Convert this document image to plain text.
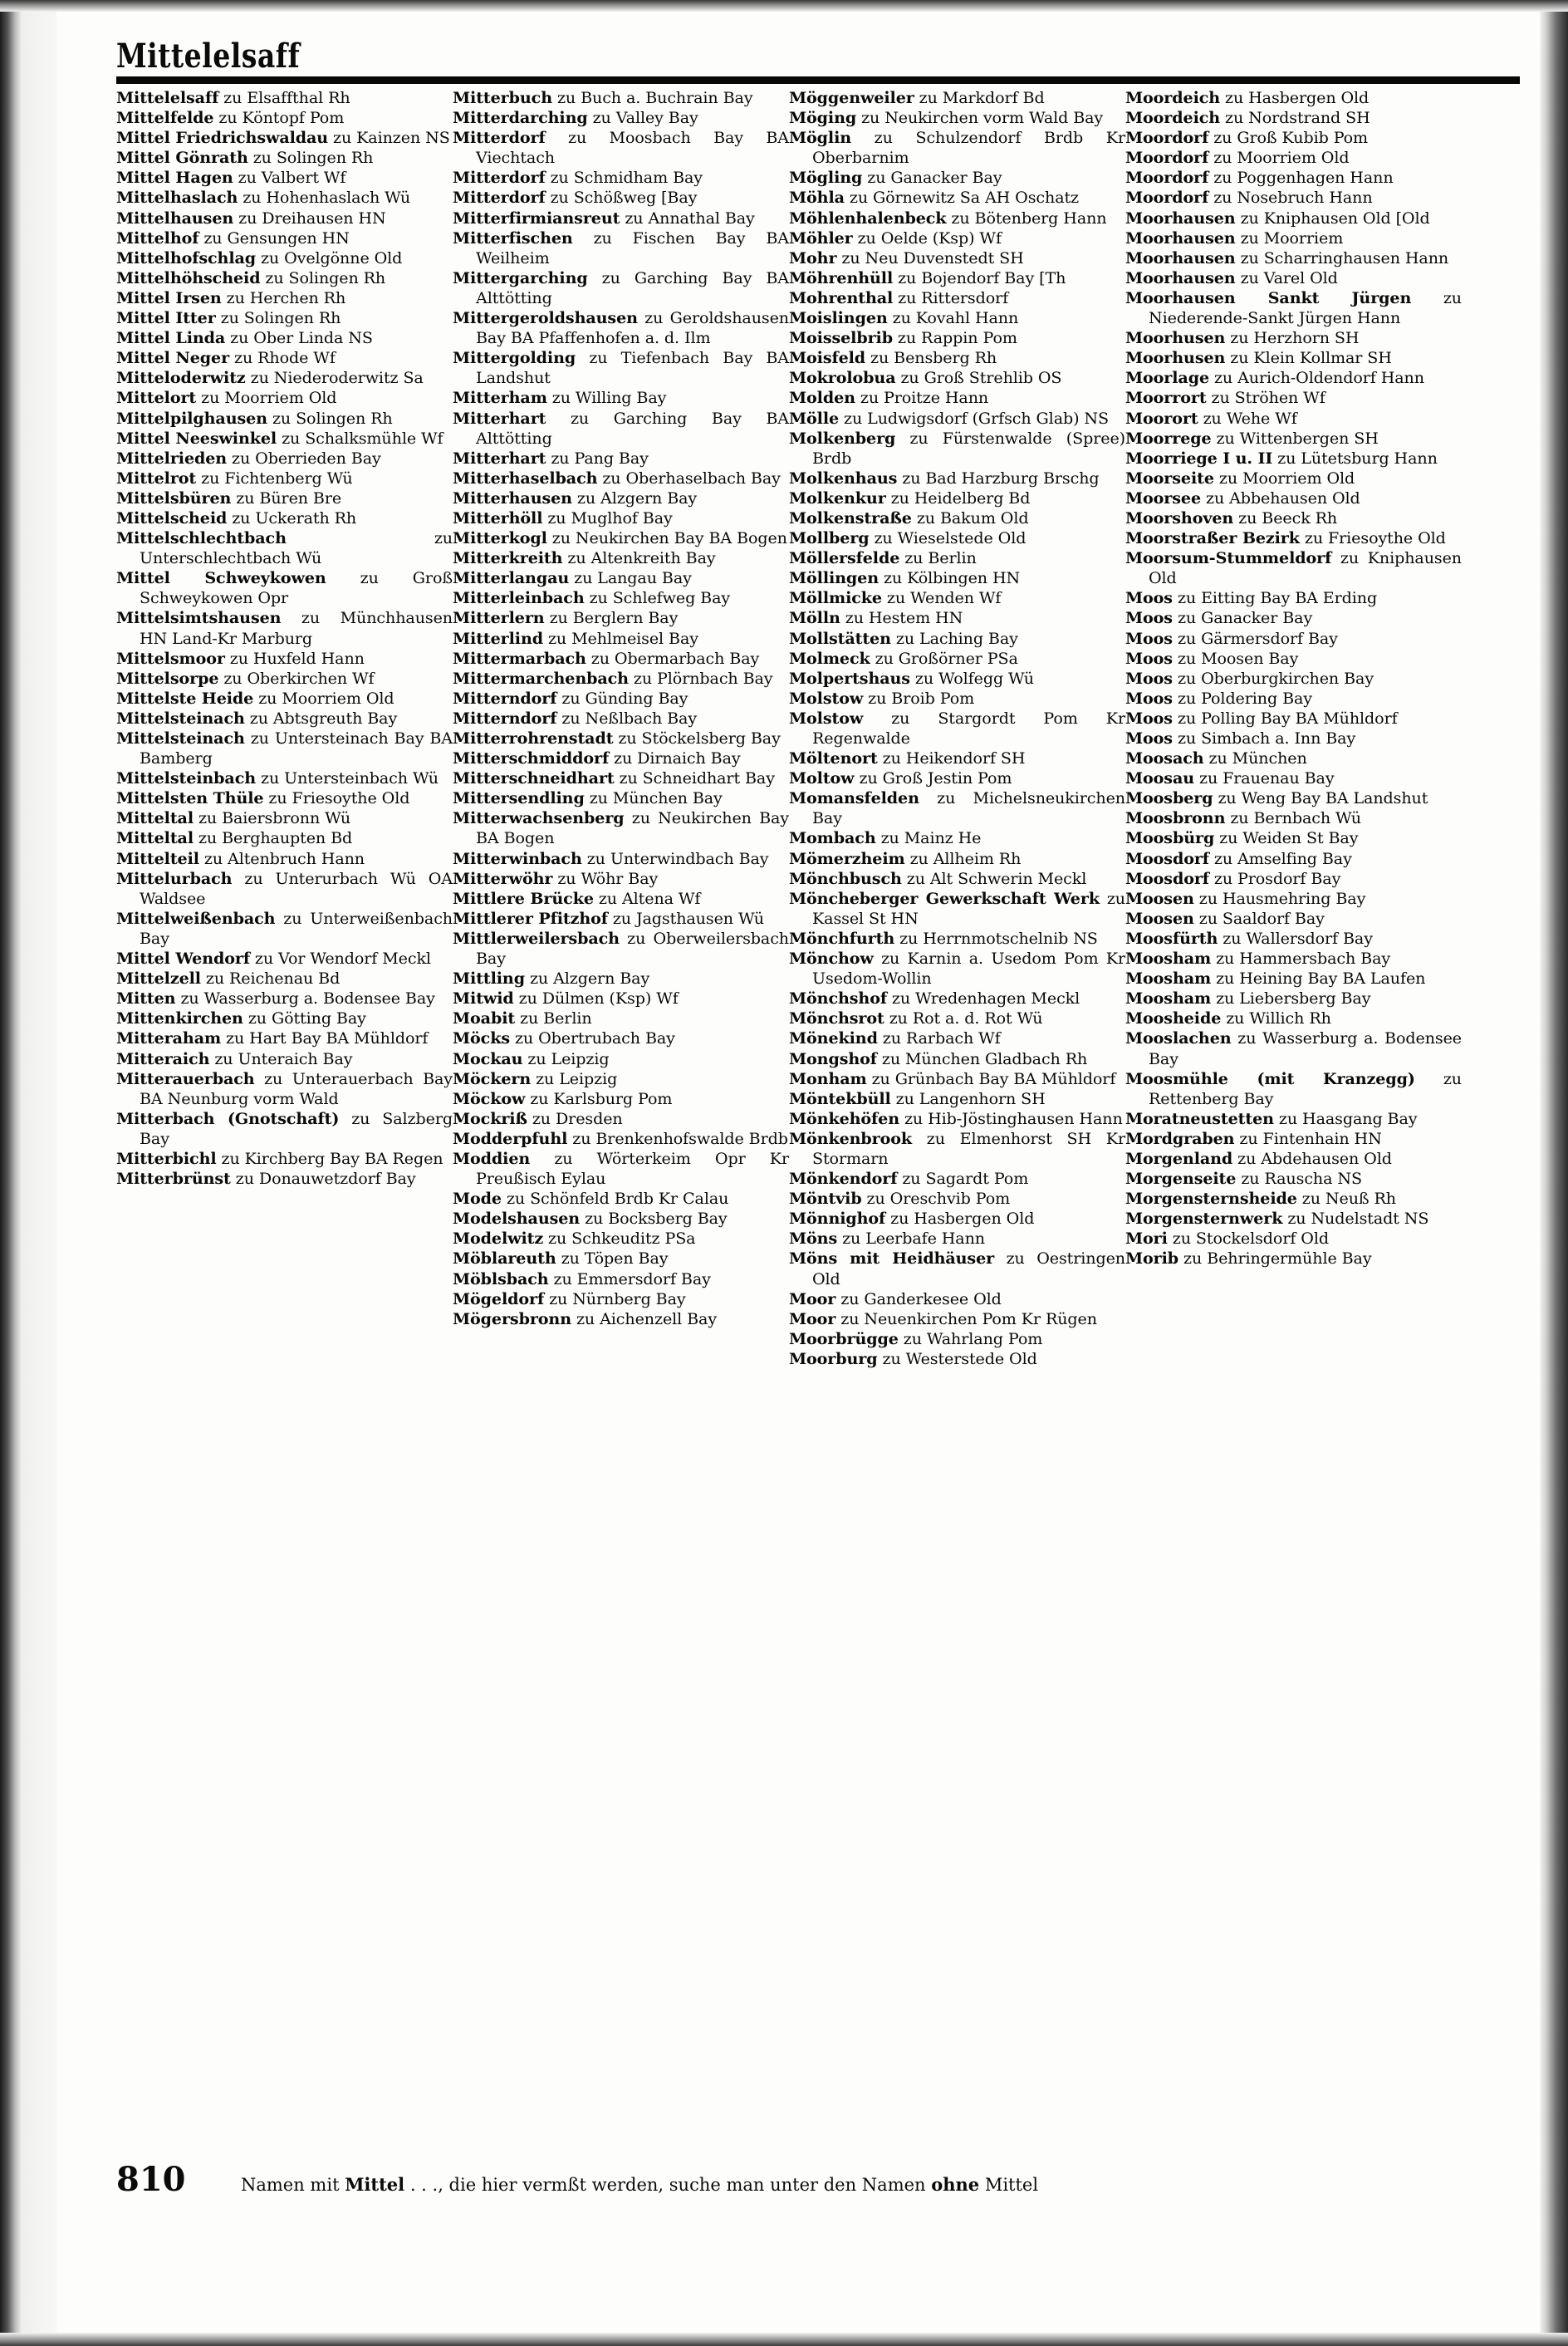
Mittelelsaff

Mittelelsaff zu Elsaffthal Rh

Mittelfelde zu Köntopf Pom

Mittel Friedrichswaldau zu Kainzen NS

Mittel Gönrath zu Solingen Rh

Mittel Hagen zu Valbert Wf

Mittelhaslach zu Hohenhaslach Wü

Mittelhausen zu Dreihausen HN

Mittelhof zu Gensungen HN

Mittelhofschlag zu Ovelgönne Old

Mittelhöhscheid zu Solingen Rh

Mittel Irsen zu Herchen Rh

Mittel Itter zu Solingen Rh

Mittel Linda zu Ober Linda NS

Mittel Neger zu Rhode Wf

Mitteloderwitz zu Niederoderwitz Sa

Mittelort zu Moorriem Old

Mittelpilghausen zu Solingen Rh

Mittel Neeswinkel zu Schalksmühle Wf

Mittelrieden zu Oberrieden Bay

Mittelrot zu Fichtenberg Wü

Mittelsbüren zu Büren Bre

Mittelscheid zu Uckerath Rh

Mittelschlechtbach zu Unterschlechtbach Wü

Mittel Schweykowen zu Groß Schweykowen Opr

Mittelsimtshausen zu Münchhausen HN Land-Kr Marburg

Mittelsmoor zu Huxfeld Hann

Mittelsorpe zu Oberkirchen Wf

Mittelste Heide zu Moorriem Old

Mittelsteinach zu Abtsgreuth Bay

Mittelsteinach zu Untersteinach Bay BA Bamberg

Mittelsteinbach zu Untersteinbach Wü

Mittelsten Thüle zu Friesoythe Old

Mitteltal zu Baiersbronn Wü

Mitteltal zu Berghaupten Bd

Mittelteil zu Altenbruch Hann

Mittelurbach zu Unterurbach Wü OA Waldsee

Mittelweißenbach zu Unterweißenbach Bay

Mittel Wendorf zu Vor Wendorf Meckl

Mittelzell zu Reichenau Bd

Mitten zu Wasserburg a. Bodensee Bay

Mittenkirchen zu Götting Bay

Mitteraham zu Hart Bay BA Mühldorf

Mitteraich zu Unteraich Bay

Mitterauerbach zu Unterauerbach Bay BA Neunburg vorm Wald

Mitterbach (Gnotschaft) zu Salzberg Bay

Mitterbichl zu Kirchberg Bay BA Regen

Mitterbrünst zu Donauwetzdorf Bay

Mitterbuch zu Buch a. Buchrain Bay

Mitterdarching zu Valley Bay

Mitterdorf zu Moosbach Bay BA Viechtach

Mitterdorf zu Schmidham Bay

Mitterdorf zu Schößweg [Bay

Mitterfirmiansreut zu Annathal Bay

Mitterfischen zu Fischen Bay BA Weilheim

Mittergarching zu Garching Bay BA Alttötting

Mittergeroldshausen zu Geroldshausen Bay BA Pfaffenhofen a. d. Ilm

Mittergolding zu Tiefenbach Bay BA Landshut

Mitterham zu Willing Bay

Mitterhart zu Garching Bay BA Alttötting

Mitterhart zu Pang Bay

Mitterhaselbach zu Oberhaselbach Bay

Mitterhausen zu Alzgern Bay

Mitterhöll zu Muglhof Bay

Mitterkogl zu Neukirchen Bay BA Bogen

Mitterkreith zu Altenkreith Bay

Mitterlangau zu Langau Bay

Mitterleinbach zu Schlefweg Bay

Mitterlern zu Berglern Bay

Mitterlind zu Mehlmeisel Bay

Mittermarbach zu Obermarbach Bay

Mittermarchenbach zu Plörnbach Bay

Mitterndorf zu Günding Bay

Mitterndorf zu Neßlbach Bay

Mitterrohrenstadt zu Stöckelsberg Bay

Mitterschmiddorf zu Dirnaich Bay

Mitterschneidhart zu Schneidhart Bay

Mittersendling zu München Bay

Mitterwachsenberg zu Neukirchen Bay BA Bogen

Mitterwinbach zu Unterwindbach Bay

Mitterwöhr zu Wöhr Bay

Mittlere Brücke zu Altena Wf

Mittlerer Pfitzhof zu Jagsthausen Wü

Mittlerweilersbach zu Oberweilersbach Bay

Mittling zu Alzgern Bay

Mitwid zu Dülmen (Ksp) Wf

Moabit zu Berlin

Möcks zu Obertrubach Bay

Mockau zu Leipzig

Möckern zu Leipzig

Möckow zu Karlsburg Pom

Mockriß zu Dresden

Modderpfuhl zu Brenkenhofswalde Brdb

Moddien zu Wörterkeim Opr Kr Preußisch Eylau

Mode zu Schönfeld Brdb Kr Calau

Modelshausen zu Bocksberg Bay

Modelwitz zu Schkeuditz PSa

Möblareuth zu Töpen Bay

Möblsbach zu Emmersdorf Bay

Mögeldorf zu Nürnberg Bay

Mögersbronn zu Aichenzell Bay

Möggenweiler zu Markdorf Bd

Möging zu Neukirchen vorm Wald Bay

Möglin zu Schulzendorf Brdb Kr Oberbarnim

Mögling zu Ganacker Bay

Möhla zu Görnewitz Sa AH Oschatz

Möhlenhalenbeck zu Bötenberg Hann

Möhler zu Oelde (Ksp) Wf

Mohr zu Neu Duvenstedt SH

Möhrenhüll zu Bojendorf Bay [Th

Mohrenthal zu Rittersdorf

Moislingen zu Kovahl Hann

Moisselbrib zu Rappin Pom

Moisfeld zu Bensberg Rh

Mokrolobua zu Groß Strehlib OS

Molden zu Proitze Hann

Mölle zu Ludwigsdorf (Grfsch Glab) NS

Molkenberg zu Fürstenwalde (Spree) Brdb

Molkenhaus zu Bad Harzburg Brschg

Molkenkur zu Heidelberg Bd

Molkenstraße zu Bakum Old

Mollberg zu Wieselstede Old

Möllersfelde zu Berlin

Möllingen zu Kölbingen HN

Möllmicke zu Wenden Wf

Mölln zu Hestem HN

Mollstätten zu Laching Bay

Molmeck zu Großörner PSa

Molpertshaus zu Wolfegg Wü

Molstow zu Broib Pom

Molstow zu Stargordt Pom Kr Regenwalde

Möltenort zu Heikendorf SH

Moltow zu Groß Jestin Pom

Momansfelden zu Michelsneukirchen Bay

Mombach zu Mainz He

Mömerzheim zu Allheim Rh

Mönchbusch zu Alt Schwerin Meckl

Möncheberger Gewerkschaft Werk zu Kassel St HN

Mönchfurth zu Herrnmotschelnib NS

Mönchow zu Karnin a. Usedom Pom Kr Usedom-Wollin

Mönchshof zu Wredenhagen Meckl

Mönchsrot zu Rot a. d. Rot Wü

Mönekind zu Rarbach Wf

Mongshof zu München Gladbach Rh

Monham zu Grünbach Bay BA Mühldorf

Möntekbüll zu Langenhorn SH

Mönkehöfen zu Hib-Jöstinghausen Hann

Mönkenbrook zu Elmenhorst SH Kr Stormarn

Mönkendorf zu Sagardt Pom

Möntvib zu Oreschvib Pom

Mönnighof zu Hasbergen Old

Möns zu Leerbafe Hann

Möns mit Heidhäuser zu Oestringen Old

Moor zu Ganderkesee Old

Moor zu Neuenkirchen Pom Kr Rügen

Moorbrügge zu Wahrlang Pom

Moorburg zu Westerstede Old

Moordeich zu Hasbergen Old

Moordeich zu Nordstrand SH

Moordorf zu Groß Kubib Pom

Moordorf zu Moorriem Old

Moordorf zu Poggenhagen Hann

Moordorf zu Nosebruch Hann

Moorhausen zu Kniphausen Old [Old

Moorhausen zu Moorriem

Moorhausen zu Scharringhausen Hann

Moorhausen zu Varel Old

Moorhausen Sankt Jürgen zu Niederende-Sankt Jürgen Hann

Moorhusen zu Herzhorn SH

Moorhusen zu Klein Kollmar SH

Moorlage zu Aurich-Oldendorf Hann

Moorrort zu Ströhen Wf

Moorort zu Wehe Wf

Moorrege zu Wittenbergen SH

Moorriege I u. II zu Lütetsburg Hann

Moorseite zu Moorriem Old

Moorsee zu Abbehausen Old

Moorshoven zu Beeck Rh

Moorstraßer Bezirk zu Friesoythe Old

Moorsum-Stummeldorf zu Kniphausen Old

Moos zu Eitting Bay BA Erding

Moos zu Ganacker Bay

Moos zu Gärmersdorf Bay

Moos zu Moosen Bay

Moos zu Oberburgkirchen Bay

Moos zu Poldering Bay

Moos zu Polling Bay BA Mühldorf

Moos zu Simbach a. Inn Bay

Moosach zu München

Moosau zu Frauenau Bay

Moosberg zu Weng Bay BA Landshut

Moosbronn zu Bernbach Wü

Moosbürg zu Weiden St Bay

Moosdorf zu Amselfing Bay

Moosdorf zu Prosdorf Bay

Moosen zu Hausmehring Bay

Moosen zu Saaldorf Bay

Moosfürth zu Wallersdorf Bay

Moosham zu Hammersbach Bay

Moosham zu Heining Bay BA Laufen

Moosham zu Liebersberg Bay

Moosheide zu Willich Rh

Mooslachen zu Wasserburg a. Bodensee Bay

Moosmühle (mit Kranzegg) zu Rettenberg Bay

Moratneustetten zu Haasgang Bay

Mordgraben zu Fintenhain HN

Morgenland zu Abdehausen Old

Morgenseite zu Rauscha NS

Morgensternsheide zu Neuß Rh

Morgensternwerk zu Nudelstadt NS

Mori zu Stockelsdorf Old

Morib zu Behringermühle Bay

810	Namen mit Mittel . . ., die hier vermßt werden, suche man unter den Namen ohne Mittel
